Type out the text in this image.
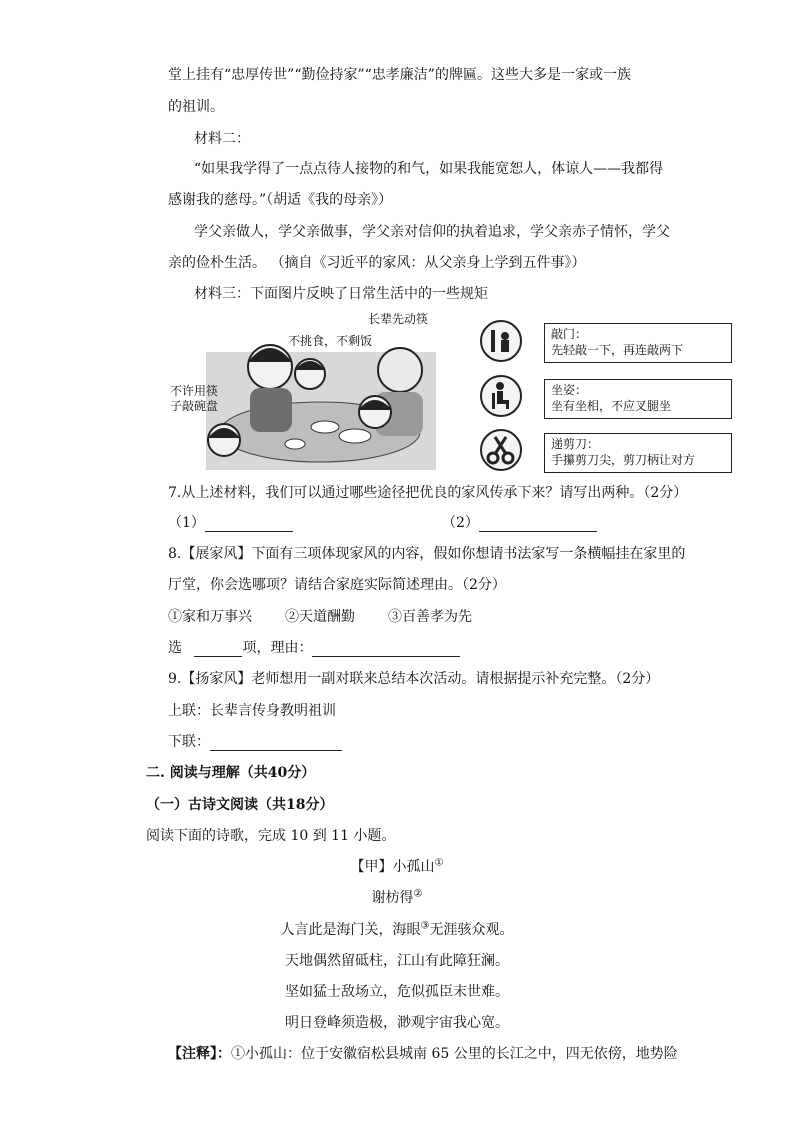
堂上挂有“忠厚传世”“勤俭持家”“忠孝廉洁”的牌匾。这些大多是一家或一族
的祖训。
材料二：
“如果我学得了一点点待人接物的和气，如果我能宽恕人，体谅人——我都得
感谢我的慈母。”（胡适《我的母亲》）
学父亲做人，学父亲做事，学父亲对信仰的执着追求，学父亲赤子情怀，学父
亲的俭朴生活。 （摘自《习近平的家风：从父亲身上学到五件事》）
材料三：下面图片反映了日常生活中的一些规矩
长辈先动筷
不挑食，不剩饭
不许用筷
子敲碗盘
敲门：
先轻敲一下，再连敲两下
坐姿：
坐有坐相，不应叉腿坐
递剪刀：
手攥剪刀尖，剪刀柄让对方
7.从上述材料，我们可以通过哪些途径把优良的家风传承下来？请写出两种。（2分）
（1）	（2）
8.【展家风】下面有三项体现家风的内容，假如你想请书法家写一条横幅挂在家里的
厅堂，你会选哪项？请结合家庭实际简述理由。（2分）
①家和万事兴 ②天道酬勤 ③百善孝为先
选	项，理由：
9.【扬家风】老师想用一副对联来总结本次活动。请根据提示补充完整。（2分）
上联：长辈言传身教明祖训
下联：
二. 阅读与理解（共40分）
（一）古诗文阅读（共18分）
阅读下面的诗歌，完成 10 到 11 小题。
【甲】小孤山①
谢枋得②
人言此是海门关，海眼③无涯骇众观。
天地偶然留砥柱，江山有此障狂澜。
坚如猛士敌场立，危似孤臣末世难。
明日登峰须造极，渺观宇宙我心宽。
【注释】：①小孤山：位于安徽宿松县城南 65 公里的长江之中，四无依傍，地势险
